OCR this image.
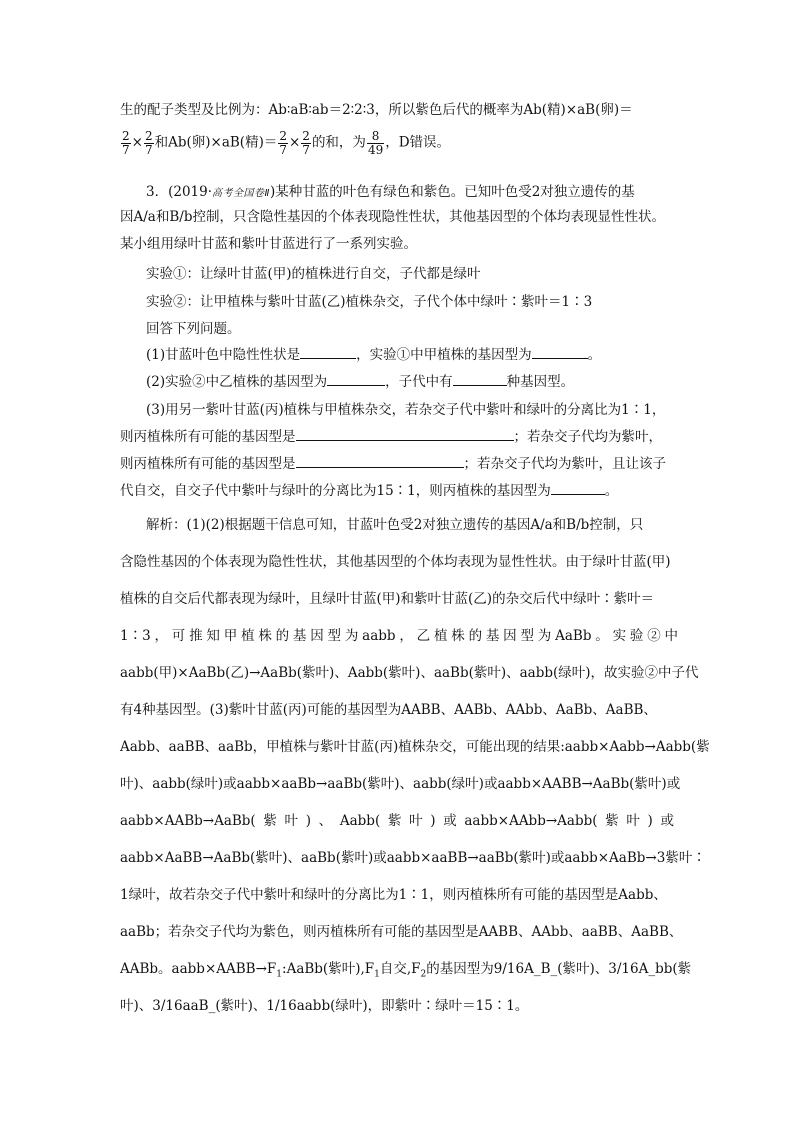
生的配子类型及比例为：Ab∶aB∶ab＝2∶2∶3，所以紫色后代的概率为Ab(精)×aB(卵)＝
$\frac{2}{7} \times \frac{2}{7}$ 和Ab(卵)×aB(精)＝ $\frac{2}{7} \times \frac{2}{7}$ 的和，为 $\frac{8}{49}$ ，D错误。
3．(2019·高考全国卷Ⅱ)某种甘蓝的叶色有绿色和紫色。已知叶色受2对独立遗传的基
因A/a和B/b控制，只含隐性基因的个体表现隐性性状，其他基因型的个体均表现显性性状。
某小组用绿叶甘蓝和紫叶甘蓝进行了一系列实验。
实验①：让绿叶甘蓝(甲)的植株进行自交，子代都是绿叶
实验②：让甲植株与紫叶甘蓝(乙)植株杂交，子代个体中绿叶∶紫叶＝1∶3
回答下列问题。
(1)甘蓝叶色中隐性性状是	，实验①中甲植株的基因型为	。
(2)实验②中乙植株的基因型为	，子代中有	种基因型。
(3)用另一紫叶甘蓝(丙)植株与甲植株杂交，若杂交子代中紫叶和绿叶的分离比为1∶1，
则丙植株所有可能的基因型是	；若杂交子代均为紫叶，
则丙植株所有可能的基因型是	；若杂交子代均为紫叶，且让该子
代自交，自交子代中紫叶与绿叶的分离比为15∶1，则丙植株的基因型为	。
解析：(1)(2)根据题干信息可知，甘蓝叶色受2对独立遗传的基因A/a和B/b控制，只
含隐性基因的个体表现为隐性性状，其他基因型的个体均表现为显性性状。由于绿叶甘蓝(甲)
植株的自交后代都表现为绿叶，且绿叶甘蓝(甲)和紫叶甘蓝(乙)的杂交后代中绿叶∶紫叶＝
1∶3，可推知甲植株的基因型为aabb，乙植株的基因型为AaBb。实验②中
aabb(甲)×AaBb(乙)→AaBb(紫叶)、Aabb(紫叶)、aaBb(紫叶)、aabb(绿叶)，故实验②中子代
有4种基因型。(3)紫叶甘蓝(丙)可能的基因型为AABB、AABb、AAbb、AaBb、AaBB、
Aabb、aaBB、aaBb，甲植株与紫叶甘蓝(丙)植株杂交，可能出现的结果:aabb×Aabb→Aabb(紫
叶)、aabb(绿叶)或aabb×aaBb→aaBb(紫叶)、aabb(绿叶)或aabb×AABB→AaBb(紫叶)或
aabb×AABb→AaBb(紫叶)、Aabb(紫叶)或aabb×AAbb→Aabb(紫叶)或
aabb×AaBB→AaBb(紫叶)、aaBb(紫叶)或aabb×aaBB→aaBb(紫叶)或aabb×AaBb→3紫叶∶
1绿叶，故若杂交子代中紫叶和绿叶的分离比为1∶1，则丙植株所有可能的基因型是Aabb、
aaBb；若杂交子代均为紫色，则丙植株所有可能的基因型是AABB、AAbb、aaBB、AaBB、
AABb。$aabb\times AABB\to F_1:AaBb$(紫叶)$,F_1$自交$,F_2$的基因型为9/16A_B_(紫叶)、3/16A_bb(紫
叶)、3/16aaB_(紫叶)、1/16aabb(绿叶)，即紫叶∶绿叶＝15∶1。
